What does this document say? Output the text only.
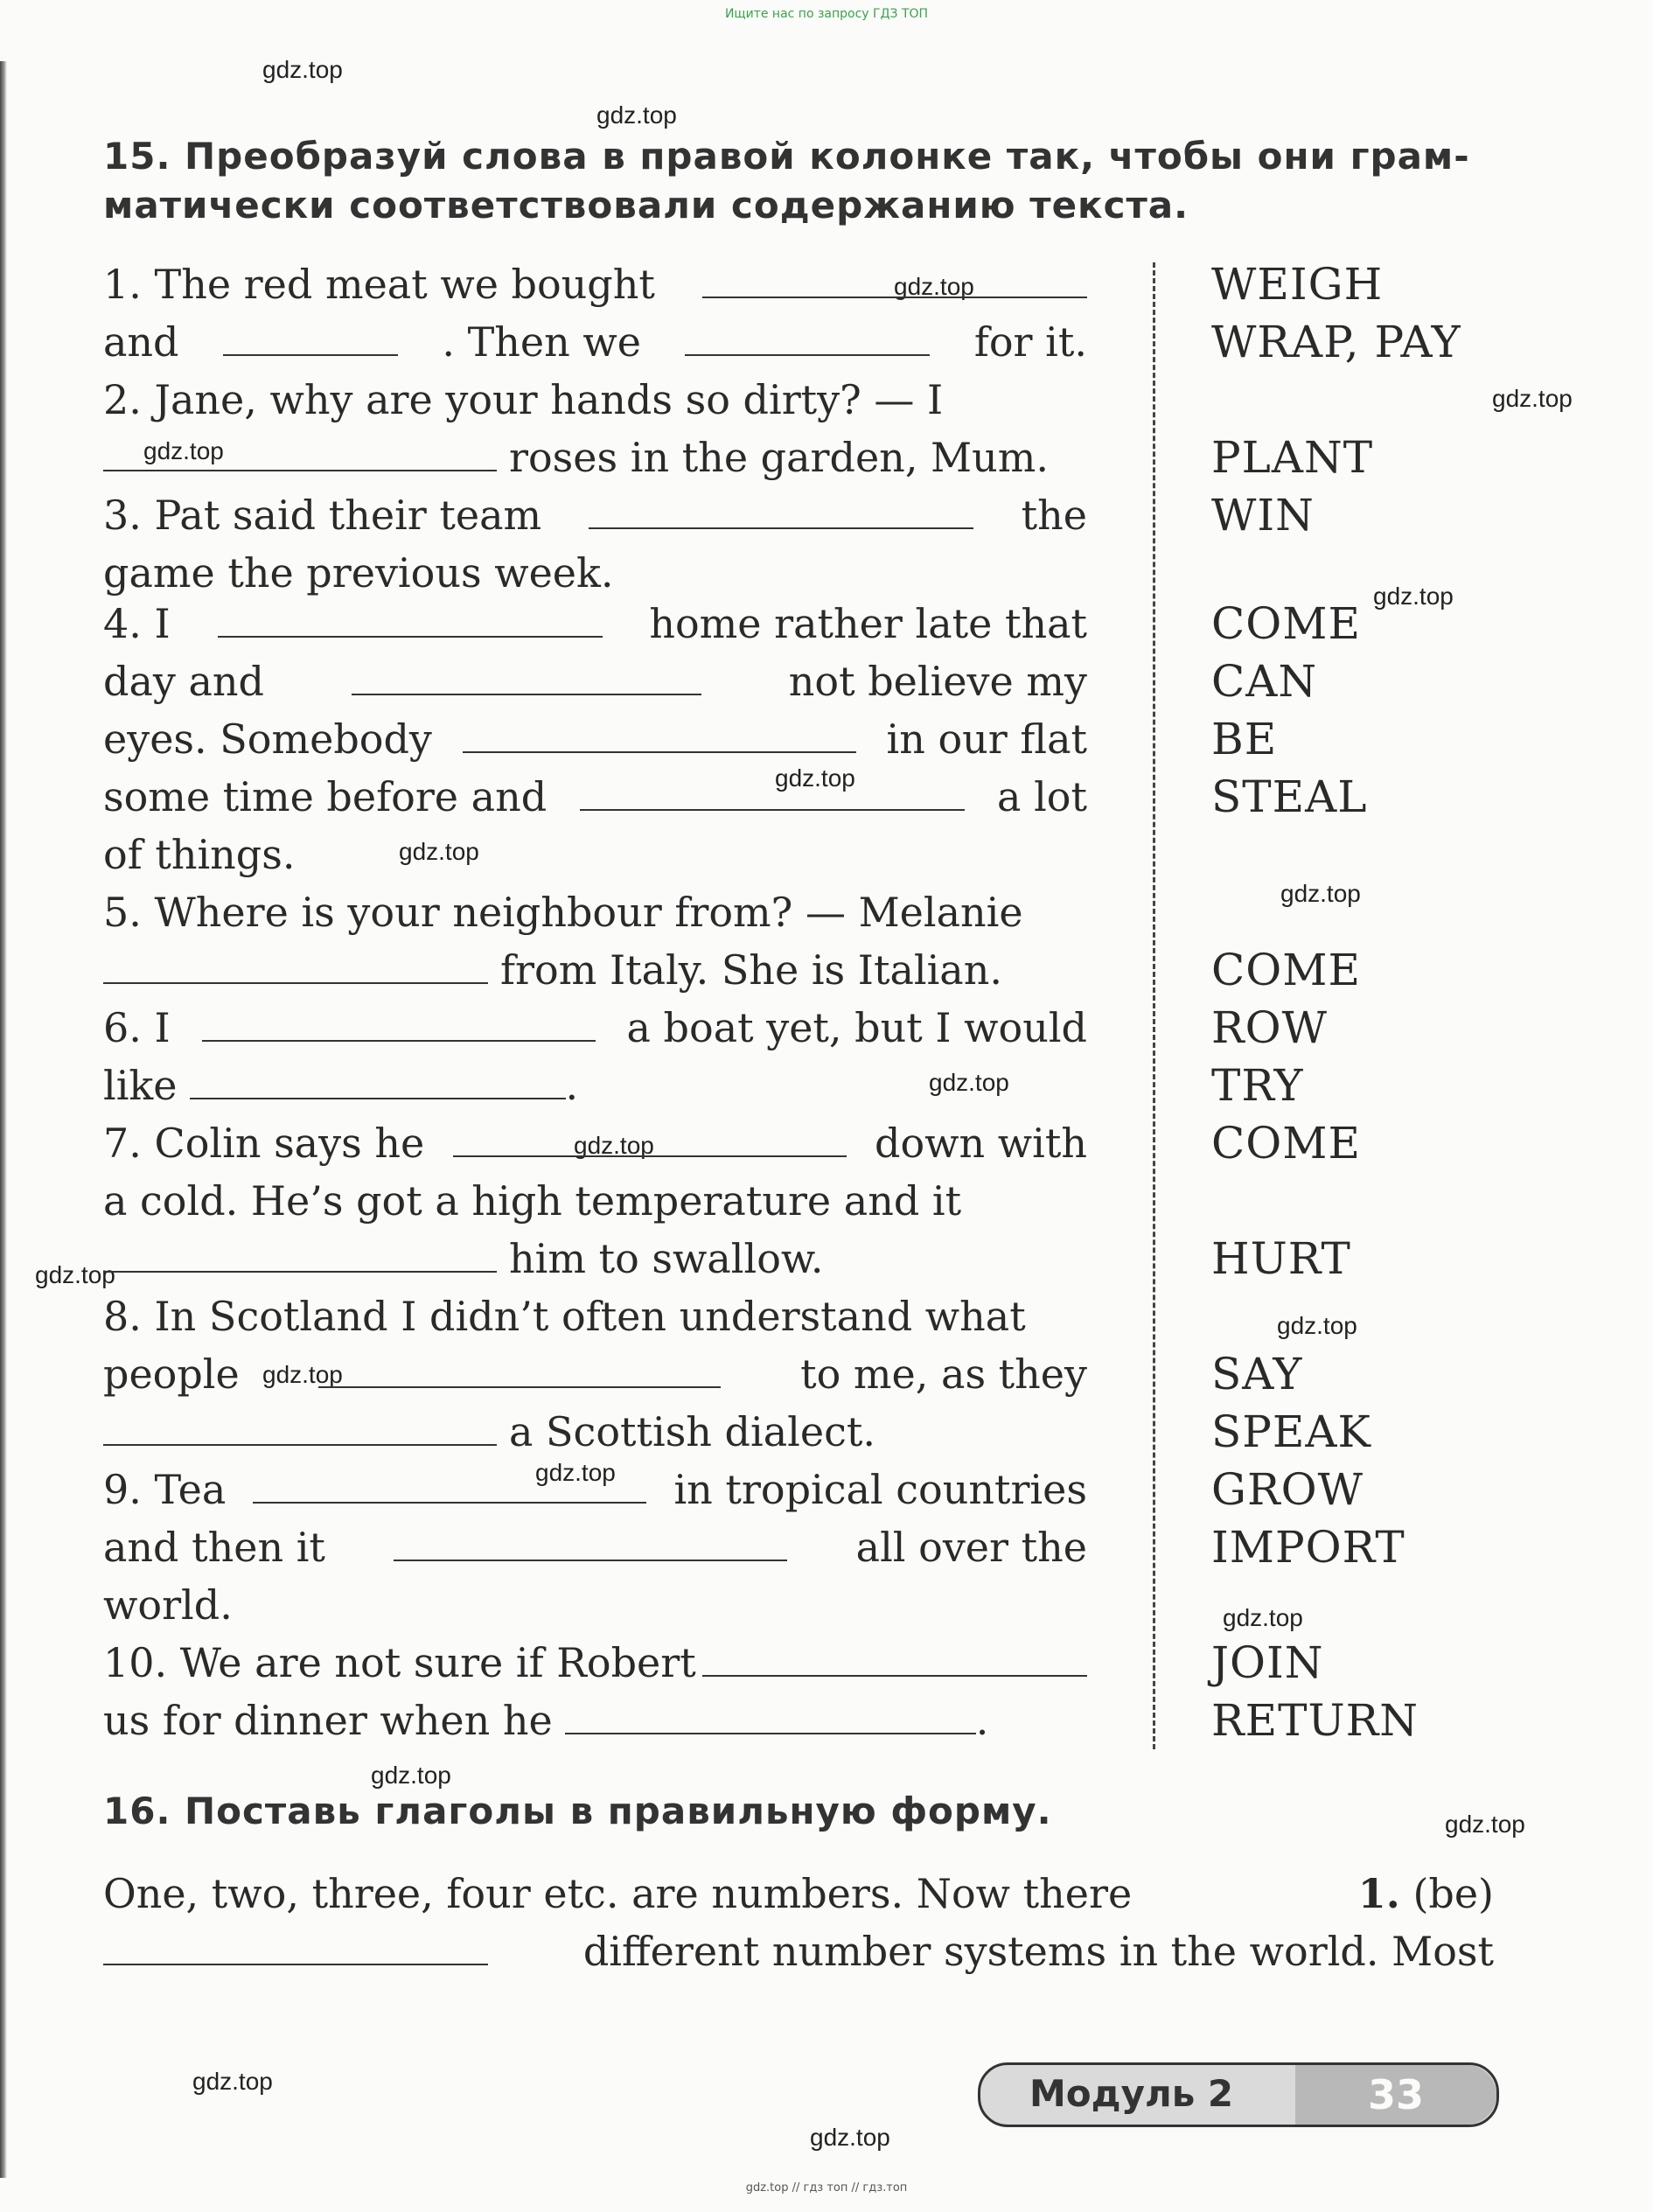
Ищите нас по запросу ГДЗ ТОП
gdz.top
gdz.top
gdz.top
gdz.top
gdz.top
gdz.top
gdz.top
gdz.top
gdz.top
gdz.top
gdz.top
gdz.top
gdz.top
gdz.top
gdz.top
gdz.top
gdz.top
gdz.top
gdz.top
gdz.top
15. Преобразуй слова в правой колонке так, чтобы они грам-
матически соответствовали содержанию текста.
1. The red meat we bought
and	. Then we	for it.
2. Jane, why are your hands so dirty? — I
roses in the garden, Mum.
3. Pat said their team	the
game the previous week.
4. I	home rather late that
day and	not believe my
eyes. Somebody	in our flat
some time before and	a lot
of things.
5. Where is your neighbour from? — Melanie
from Italy. She is Italian.
6. I	a boat yet, but I would
like	.
7. Colin says he	down with
a cold. He’s got a high temperature and it
him to swallow.
8. In Scotland I didn’t often understand what
people	to me, as they
a Scottish dialect.
9. Tea	in tropical countries
and then it	all over the
world.
10. We are not sure if Robert
us for dinner when he	.
WEIGH
WRAP, PAY
PLANT
WIN
COME
CAN
BE
STEAL
COME
ROW
TRY
COME
HURT
SAY
SPEAK
GROW
IMPORT
JOIN
RETURN
16. Поставь глаголы в правильную форму.
One, two, three, four etc. are numbers. Now there	1. (be)
different number systems in the world. Most
Модуль 2	33
gdz.top // гдз топ // гдз.топ
